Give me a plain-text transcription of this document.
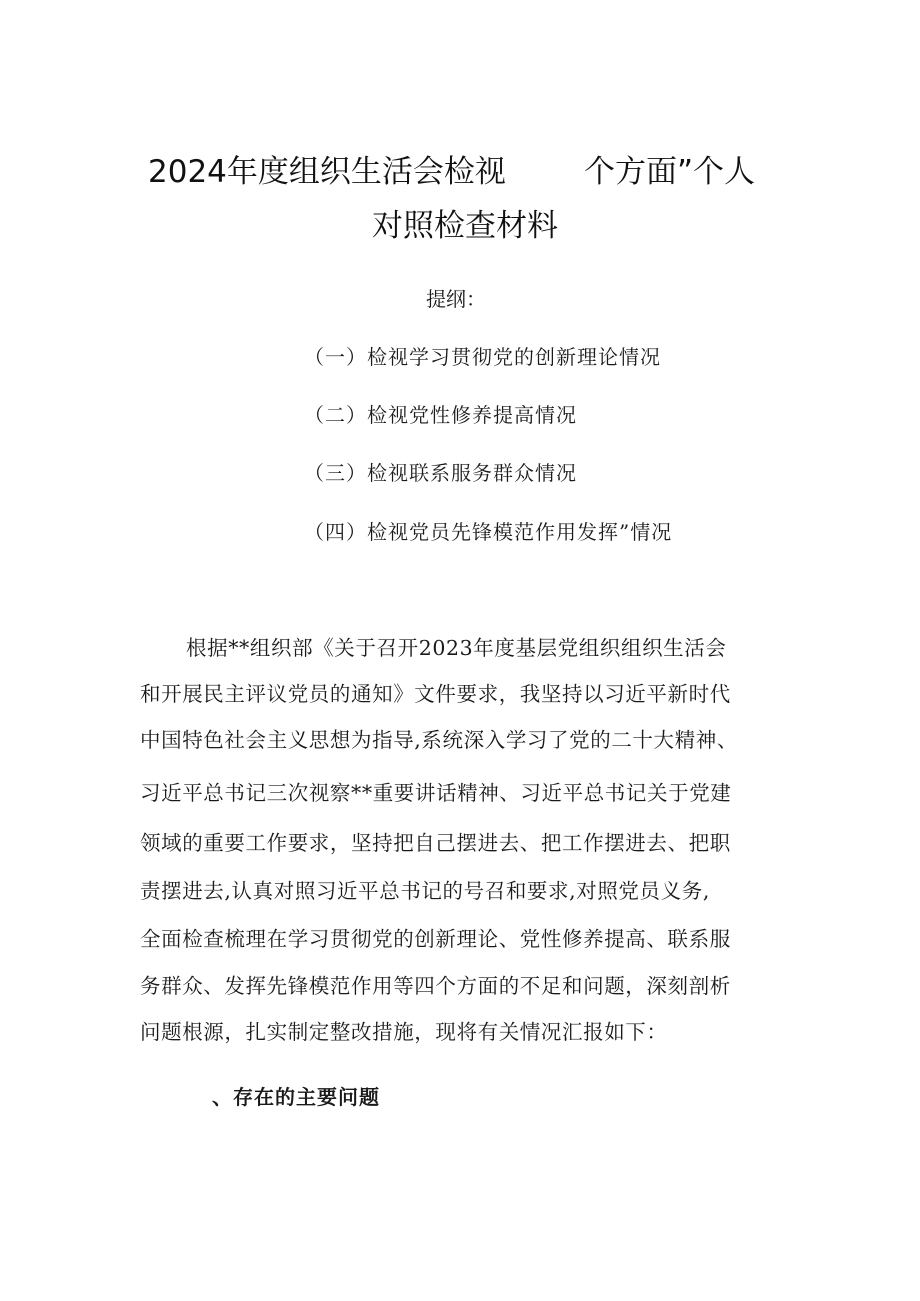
2024年度组织生活会检视	个方面”个人
对照检查材料
提纲：
（一）检视学习贯彻党的创新理论情况
（二）检视党性修养提高情况
（三）检视联系服务群众情况
（四）检视党员先锋模范作用发挥”情况
根据**组织部《关于召开2023年度基层党组织组织生活会
和开展民主评议党员的通知》文件要求，我坚持以习近平新时代
中国特色社会主义思想为指导,系统深入学习了党的二十大精神、
习近平总书记三次视察**重要讲话精神、习近平总书记关于党建
领域的重要工作要求，坚持把自己摆进去、把工作摆进去、把职
责摆进去,认真对照习近平总书记的号召和要求,对照党员义务,
全面检查梳理在学习贯彻党的创新理论、党性修养提高、联系服
务群众、发挥先锋模范作用等四个方面的不足和问题，深刻剖析
问题根源，扎实制定整改措施，现将有关情况汇报如下：
、存在的主要问题
